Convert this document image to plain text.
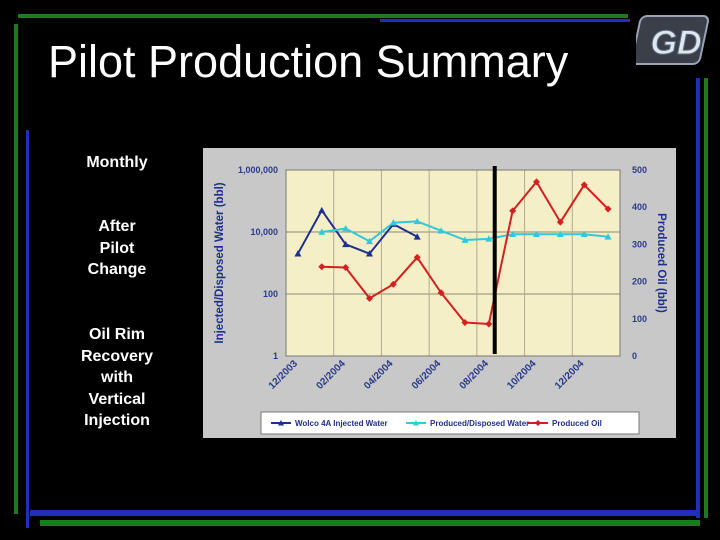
Pilot Production Summary GD
Monthly
After
Pilot
Change
Oil Rim
Recovery
with
Vertical
Injection
1
100
10,000
1,000,000
0
100
200
300
400
500
12/2003 02/2004 04/2004 06/2004 08/2004 10/2004 12/2004
Injected/Disposed Water (bbl)	Produced Oil (bbl)
Wolco 4A Injected Water	Produced/Disposed Water	Produced Oil
